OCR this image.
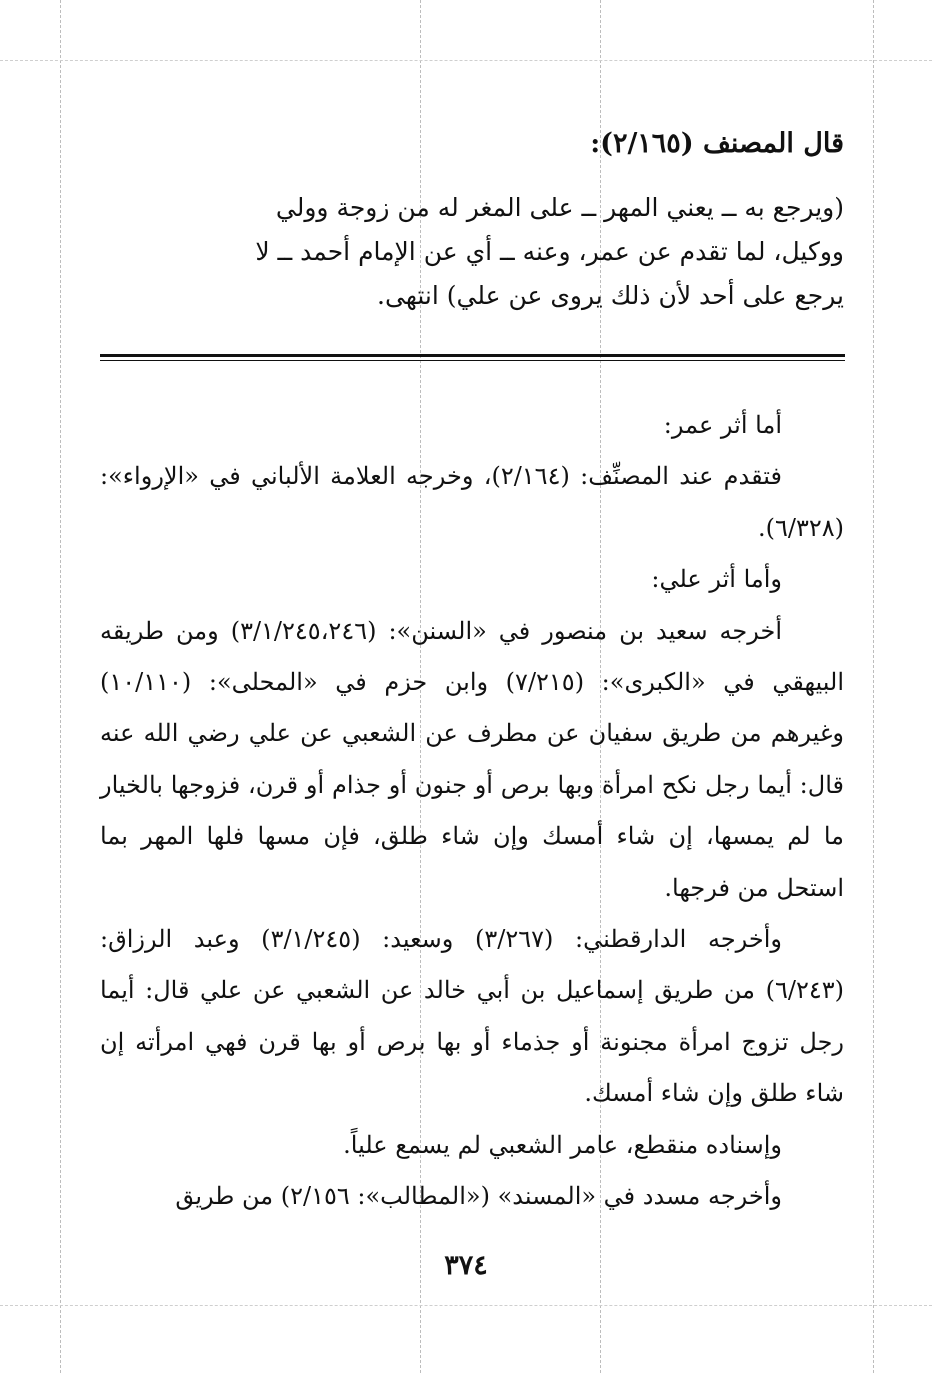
قال المصنف (٢/١٦٥):
(ويرجع به ــ يعني المهر ــ على المغر له من زوجة وولي
ووكيل، لما تقدم عن عمر، وعنه ــ أي عن الإمام أحمد ــ لا
يرجع على أحد لأن ذلك يروى عن علي) انتهى.

أما أثر عمر:

فتقدم عند المصنِّف: (٢/١٦٤)، وخرجه العلامة الألباني في «الإرواء»: (٦/٣٢٨).

وأما أثر علي:

أخرجه سعيد بن منصور في «السنن»: (٣/١/٢٤٥،٢٤٦) ومن طريقه البيهقي في «الكبرى»: (٧/٢١٥) وابن حزم في «المحلى»: (١٠/١١٠) وغيرهم من طريق سفيان عن مطرف عن الشعبي عن علي رضي الله عنه قال: أيما رجل نكح امرأة وبها برص أو جنون أو جذام أو قرن، فزوجها بالخيار ما لم يمسها، إن شاء أمسك وإن شاء طلق، فإن مسها فلها المهر بما استحل من فرجها.

وأخرجه الدارقطني: (٣/٢٦٧) وسعيد: (٣/١/٢٤٥) وعبد الرزاق: (٦/٢٤٣) من طريق إسماعيل بن أبي خالد عن الشعبي عن علي قال: أيما رجل تزوج امرأة مجنونة أو جذماء أو بها برص أو بها قرن فهي امرأته إن شاء طلق وإن شاء أمسك.

وإسناده منقطع، عامر الشعبي لم يسمع علياً.

وأخرجه مسدد في «المسند» («المطالب»: ٢/١٥٦) من طريق

٣٧٤
